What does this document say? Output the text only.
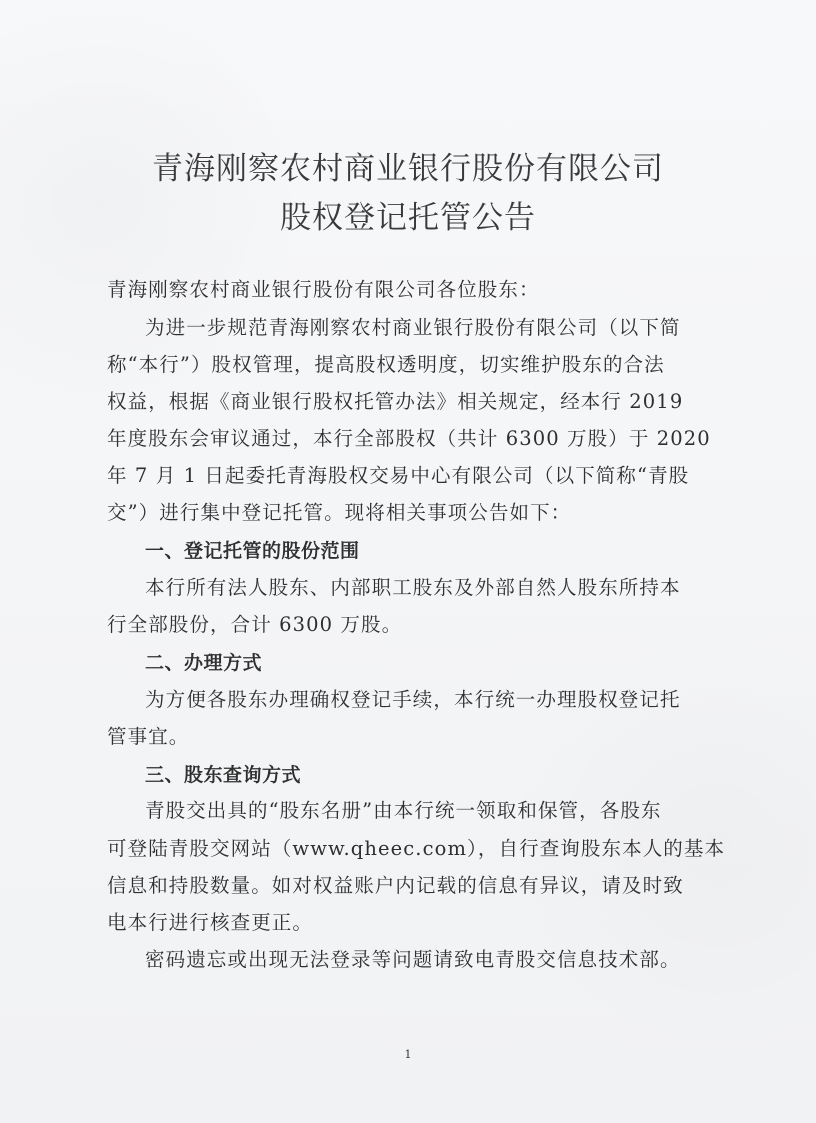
青海刚察农村商业银行股份有限公司
股权登记托管公告
青海刚察农村商业银行股份有限公司各位股东：
为进一步规范青海刚察农村商业银行股份有限公司（以下简
称“本行”）股权管理，提高股权透明度，切实维护股东的合法
权益，根据《商业银行股权托管办法》相关规定，经本行 2019
年度股东会审议通过，本行全部股权（共计 6300 万股）于 2020
年 7 月 1 日起委托青海股权交易中心有限公司（以下简称“青股
交”）进行集中登记托管。现将相关事项公告如下：
一、登记托管的股份范围
本行所有法人股东、内部职工股东及外部自然人股东所持本
行全部股份，合计 6300 万股。
二、办理方式
为方便各股东办理确权登记手续，本行统一办理股权登记托
管事宜。
三、股东查询方式
青股交出具的“股东名册”由本行统一领取和保管，各股东
可登陆青股交网站（www.qheec.com），自行查询股东本人的基本
信息和持股数量。如对权益账户内记载的信息有异议，请及时致
电本行进行核查更正。
密码遗忘或出现无法登录等问题请致电青股交信息技术部。
1
